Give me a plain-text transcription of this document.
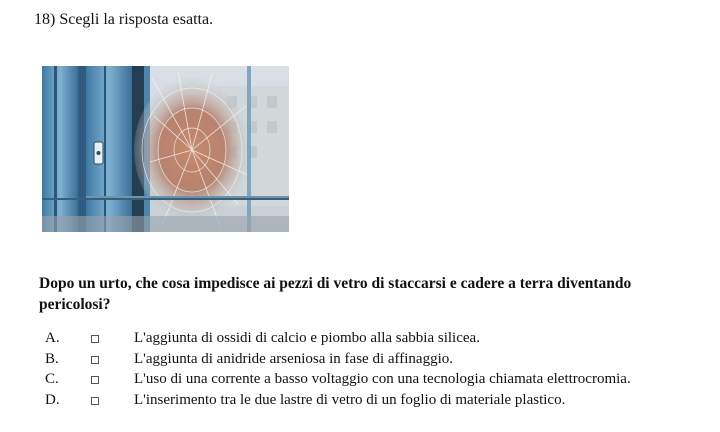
18) Scegli la risposta esatta.
Dopo un urto, che cosa impedisce ai pezzi di vetro di staccarsi e cadere a terra diventando pericolosi?
A.	L'aggiunta di ossidi di calcio e piombo alla sabbia silicea.
B.	L'aggiunta di anidride arseniosa in fase di affinaggio.
C.	L'uso di una corrente a basso voltaggio con una tecnologia chiamata elettrocromia.
D.	L'inserimento tra le due lastre di vetro di un foglio di materiale plastico.
